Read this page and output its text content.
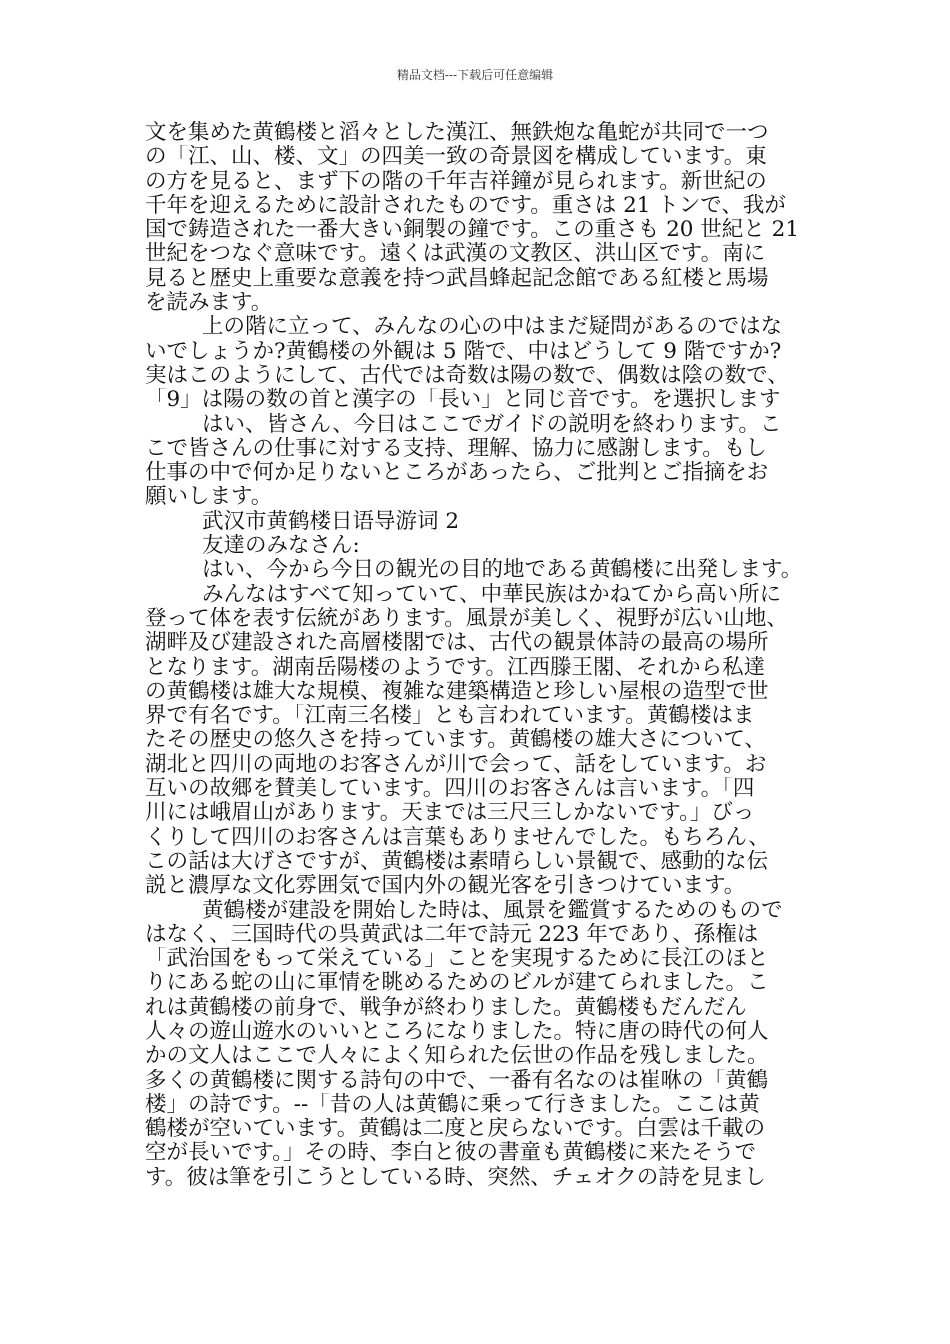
精品文档---下载后可任意编辑
文を集めた黄鶴楼と滔々とした漢江、無鉄炮な亀蛇が共同で一つ
の「江、山、楼、文」の四美一致の奇景図を構成しています。東
の方を見ると、まず下の階の千年吉祥鐘が見られます。新世紀の
千年を迎えるために設計されたものです。重さは 21 トンで、我が
国で鋳造された一番大きい銅製の鐘です。この重さも 20 世紀と 21
世紀をつなぐ意味です。遠くは武漢の文教区、洪山区です。南に
見ると歴史上重要な意義を持つ武昌蜂起記念館である紅楼と馬場
を読みます。
上の階に立って、みんなの心の中はまだ疑問があるのではな
いでしょうか?黄鶴楼の外観は 5 階で、中はどうして 9 階ですか?
実はこのようにして、古代では奇数は陽の数で、偶数は陰の数で、
「9」は陽の数の首と漢字の「長い」と同じ音です。を選択します
はい、皆さん、今日はここでガイドの説明を終わります。こ
こで皆さんの仕事に対する支持、理解、協力に感謝します。もし
仕事の中で何か足りないところがあったら、ご批判とご指摘をお
願いします。
武汉市黄鹤楼日语导游词 2
友達のみなさん:
はい、今から今日の観光の目的地である黄鶴楼に出発します。
みんなはすべて知っていて、中華民族はかねてから高い所に
登って体を表す伝統があります。風景が美しく、視野が広い山地、
湖畔及び建設された高層楼閣では、古代の観景体詩の最高の場所
となります。湖南岳陽楼のようです。江西滕王閣、それから私達
の黄鶴楼は雄大な規模、複雑な建築構造と珍しい屋根の造型で世
界で有名です。「江南三名楼」とも言われています。黄鶴楼はま
たその歴史の悠久さを持っています。黄鶴楼の雄大さについて、
湖北と四川の両地のお客さんが川で会って、話をしています。お
互いの故郷を賛美しています。四川のお客さんは言います。「四
川には峨眉山があります。天までは三尺三しかないです。」びっ
くりして四川のお客さんは言葉もありませんでした。もちろん、
この話は大げさですが、黄鶴楼は素晴らしい景観で、感動的な伝
説と濃厚な文化雰囲気で国内外の観光客を引きつけています。
黄鶴楼が建設を開始した時は、風景を鑑賞するためのもので
はなく、三国時代の呉黄武は二年で詩元 223 年であり、孫権は
「武治国をもって栄えている」ことを実現するために長江のほと
りにある蛇の山に軍情を眺めるためのビルが建てられました。こ
れは黄鶴楼の前身で、戦争が終わりました。黄鶴楼もだんだん
人々の遊山遊水のいいところになりました。特に唐の時代の何人
かの文人はここで人々によく知られた伝世の作品を残しました。
多くの黄鶴楼に関する詩句の中で、一番有名なのは崔咻の「黄鶴
楼」の詩です。--「昔の人は黄鶴に乗って行きました。ここは黄
鶴楼が空いています。黄鶴は二度と戻らないです。白雲は千載の
空が長いです。」その時、李白と彼の書童も黄鶴楼に来たそうで
す。彼は筆を引こうとしている時、突然、チェオクの詩を見まし
